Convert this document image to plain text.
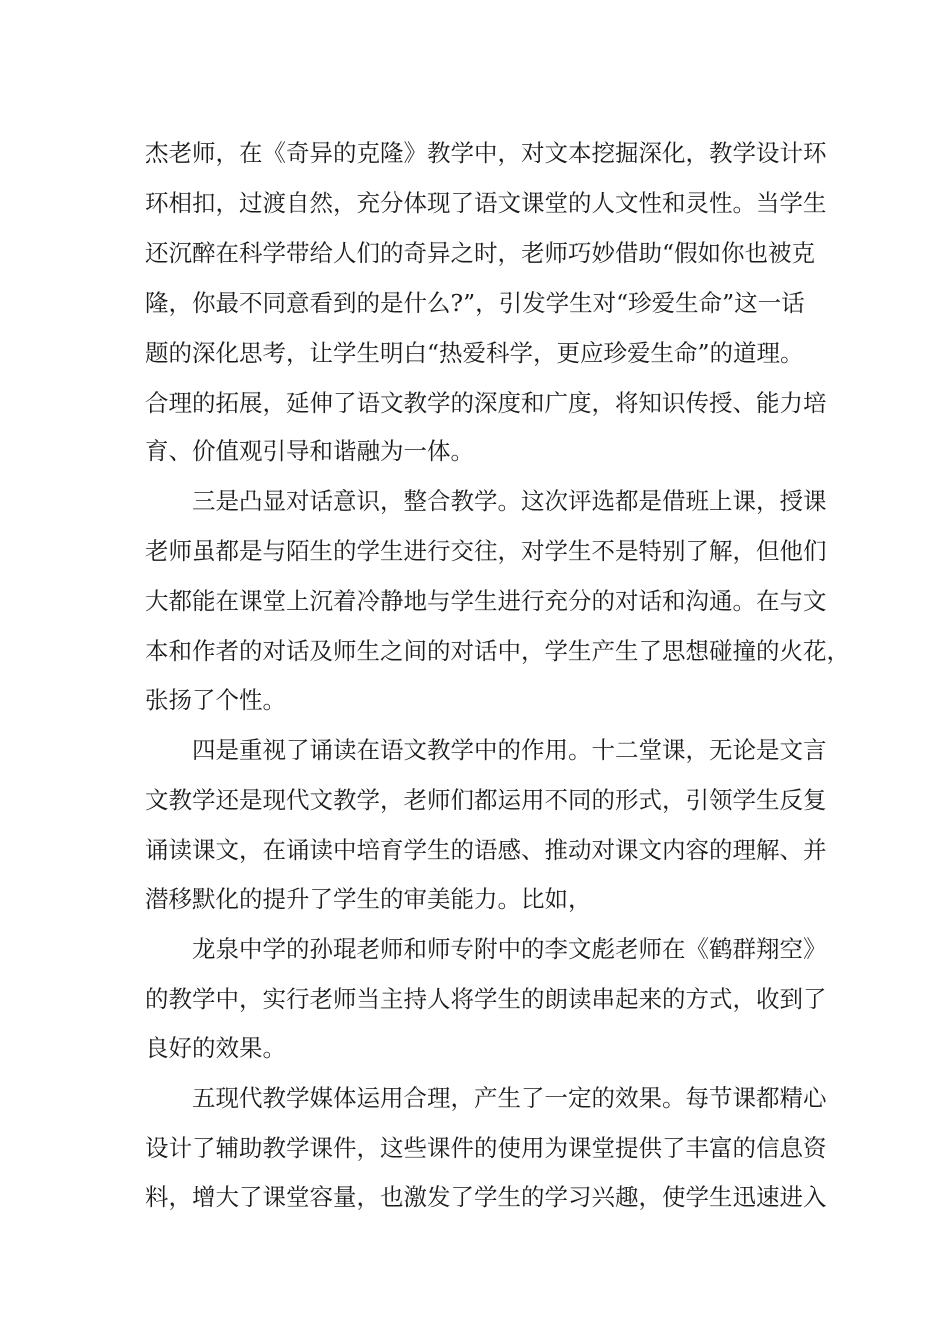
杰老师，在《奇异的克隆》教学中，对文本挖掘深化，教学设计环
环相扣，过渡自然，充分体现了语文课堂的人文性和灵性。当学生
还沉醉在科学带给人们的奇异之时，老师巧妙借助“假如你也被克
隆，你最不同意看到的是什么?”，引发学生对“珍爱生命”这一话
题的深化思考，让学生明白“热爱科学，更应珍爱生命”的道理。
合理的拓展，延伸了语文教学的深度和广度，将知识传授、能力培
育、价值观引导和谐融为一体。
三是凸显对话意识，整合教学。这次评选都是借班上课，授课
老师虽都是与陌生的学生进行交往，对学生不是特别了解，但他们
大都能在课堂上沉着冷静地与学生进行充分的对话和沟通。在与文
本和作者的对话及师生之间的对话中，学生产生了思想碰撞的火花，
张扬了个性。
四是重视了诵读在语文教学中的作用。十二堂课，无论是文言
文教学还是现代文教学，老师们都运用不同的形式，引领学生反复
诵读课文，在诵读中培育学生的语感、推动对课文内容的理解、并
潜移默化的提升了学生的审美能力。比如，
龙泉中学的孙琨老师和师专附中的李文彪老师在《鹤群翔空》
的教学中，实行老师当主持人将学生的朗读串起来的方式，收到了
良好的效果。
五现代教学媒体运用合理，产生了一定的效果。每节课都精心
设计了辅助教学课件，这些课件的使用为课堂提供了丰富的信息资
料，增大了课堂容量，也激发了学生的学习兴趣，使学生迅速进入
